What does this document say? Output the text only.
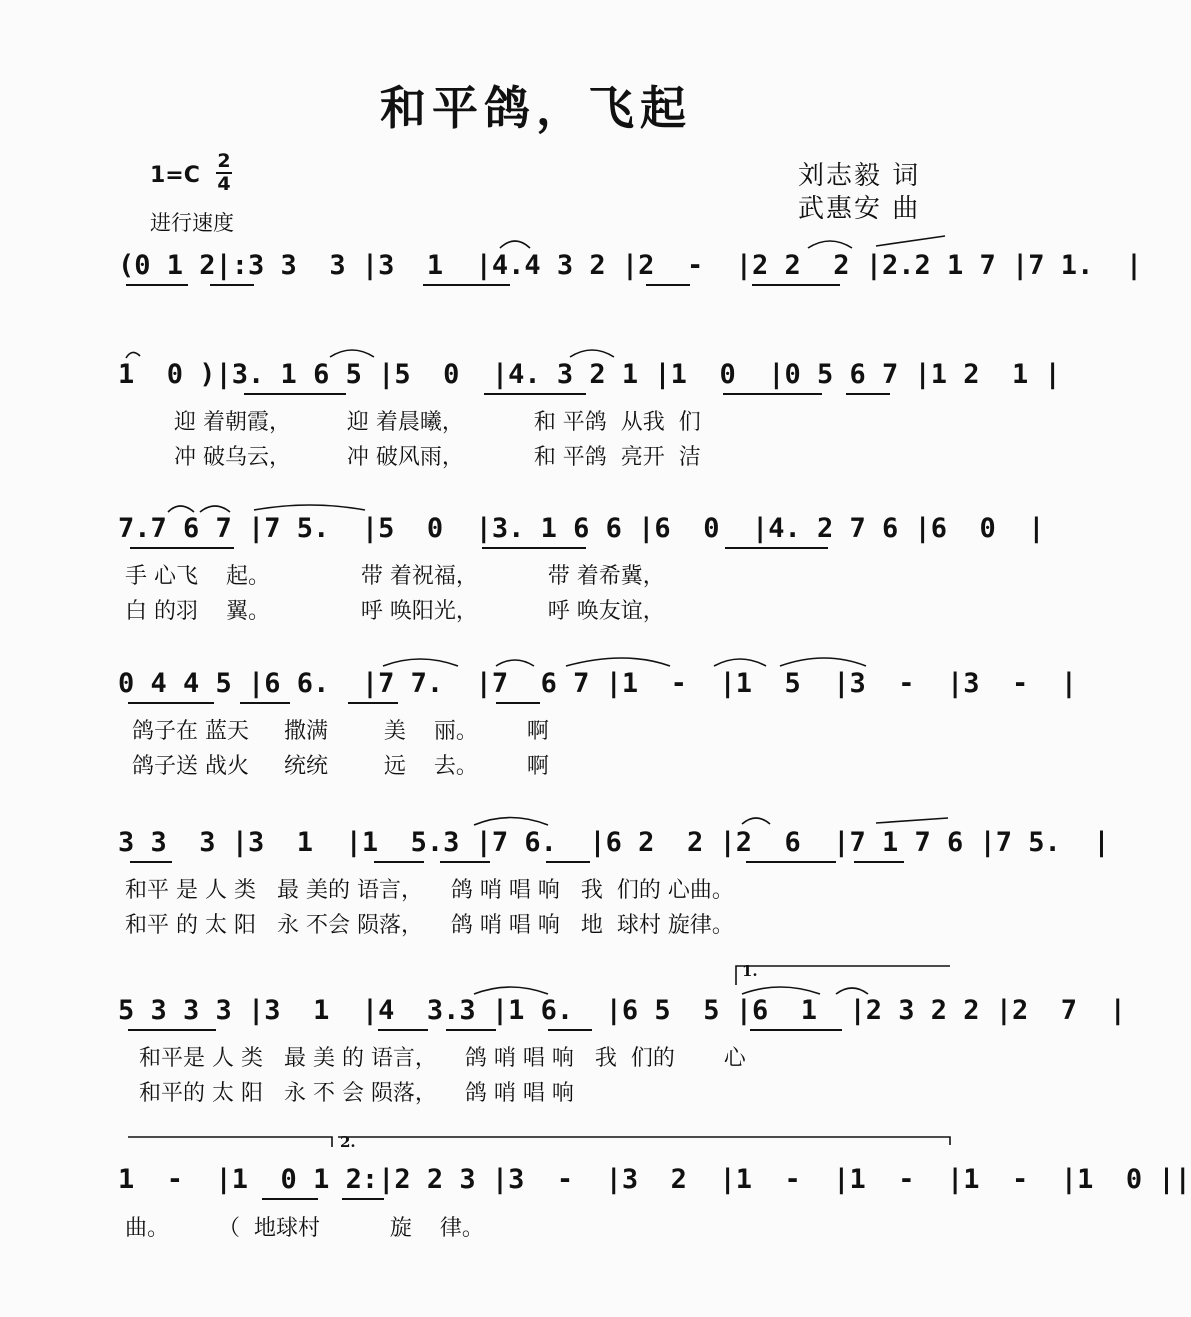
和平鸽，飞起
1=C
2
4
进行速度
刘志毅 词
武惠安 曲
(0 1 2|:3 3  3 |3  1  |4.4 3 2 |2  -  |2 2  2 |2.2 1 7 |7 1.  |
1  0 )|3. 1 6 5 |5  0  |4. 3 2 1 |1  0  |0 5 6 7 |1 2  1 |
迎 着朝霞，        迎 着晨曦，          和 平鸽  从我  们
冲 破乌云，        冲 破风雨，          和 平鸽  亮开  洁
7.7 6 7 |7 5.  |5  0  |3. 1 6 6 |6  0  |4. 2 7 6 |6  0  |
手 心飞    起。             带 着祝福，          带 着希冀，
白 的羽    翼。             呼 唤阳光，          呼 唤友谊，
0 4 4 5 |6 6.  |7 7.  |7  6 7 |1  -  |1  5  |3  -  |3  -  |
鸽子在 蓝天     撒满        美    丽。       啊
鸽子送 战火     统统        远    去。       啊
3 3  3 |3  1  |1  5.3 |7 6.  |6 2  2 |2  6  |7 1 7 6 |7 5.  |
和平 是 人 类   最 美的 语言，    鸽 哨 唱 响   我  们的 心曲。
和平 的 太 阳   永 不会 陨落，    鸽 哨 唱 响   地  球村 旋律。
5 3 3 3 |3  1  |4  3.3 |1 6.  |6 5  5 |6  1  |2 3 2 2 |2  7  |
和平是 人 类   最 美 的 语言，    鸽 哨 唱 响   我  们的       心
和平的 太 阳   永 不 会 陨落，    鸽 哨 唱 响
1  -  |1  0 1 2:|2 2 3 |3  -  |3  2  |1  -  |1  -  |1  -  |1  0 ||
曲。       （  地球村          旋    律。
1.
2.
